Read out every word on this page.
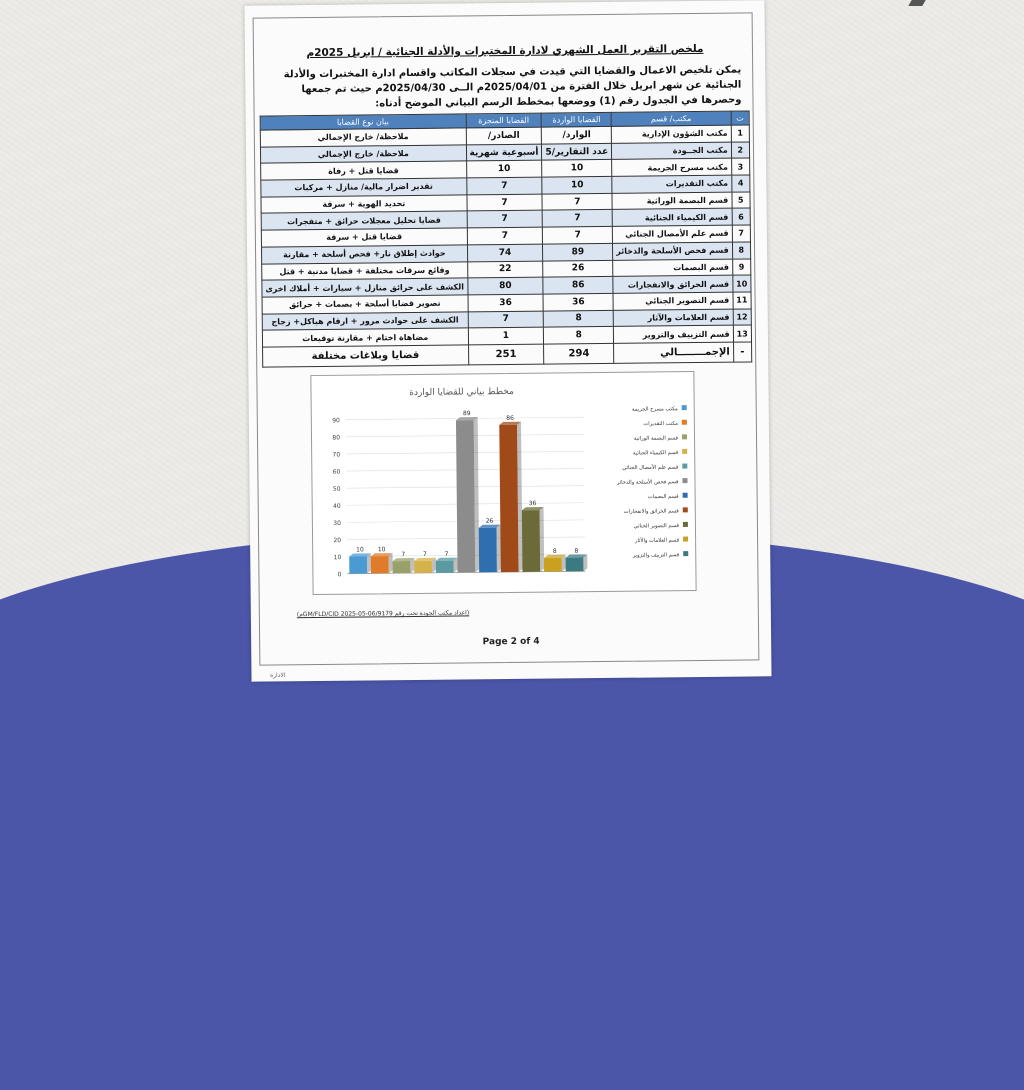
ملخص التقرير العمل الشهري لادارة المختبرات والأدلة الجنائية / ابريل 2025م
يمكن تلخيص الاعمال والقضايا التي قيدت في سجلات المكاتب واقسام ادارة المختبرات والأدلة الجنائية عن شهر ابريل خلال الفترة من 2025/04/01م الــى 2025/04/30م حيث تم جمعها وحصرها في الجدول رقم (1) ووضعها بمخطط الرسم البياني الموضح أدناه:
ت	مكتب/ قسم	القضايا الواردة	القضايا المنجزة	بيان نوع القضايا
1	مكتب الشؤون الإدارية	الوارد/	الصادر/	ملاحظة/ خارج الإجمالي
2	مكتب الجــودة	عدد التقارير/5	أسبوعية شهرية	ملاحظة/ خارج الإجمالي
3	مكتب مسرح الجريمة	10	10	قضايا قتل + رفاة
4	مكتب التقديرات	10	7	تقدير اضرار مالية/ منازل + مركبات
5	قسم البصمة الوراثية	7	7	تحديد الهوية + سرقة
6	قسم الكيمياء الجنائية	7	7	قضايا تحليل معجلات حرائق + متفجرات
7	قسم علم الأمصال الجنائي	7	7	قضايا قتل + سرقة
8	قسم فحص الأسلحة والذخائر	89	74	حوادث إطلاق نار+ فحص أسلحة + مقارنة
9	قسم البصمات	26	22	وقائع سرقات مختلفة + قضايا مدنية + قتل
10	قسم الحرائق والانفجارات	86	80	الكشف على حرائق منازل + سيارات + أملاك اخرى
11	قسم التصوير الجنائي	36	36	تصوير قضايا أسلحة + بصمات + حرائق
12	قسم العلامات والآثار	8	7	الكشف على حوادث مرور + ارقام هياكل+ زجاج
13	قسم التزييف والتزوير	8	1	مضاهاة اختام + مقارنة توقيعات
-	الإجمــــــــالي	294	251	قضايا وبلاغات مختلفة
مخطط بياني للقضايا الواردة
0
10
20
30
40
50
60
70
80
90
10 10
7	7	7
89
26
86
36
8	8
مكتب مسرح الجريمة
مكتب التقديرات
قسم البصمة الوراثية
قسم الكيمياء الجنائية
قسم علم الأمصال الجنائي
قسم فحص الأسلحة والذخائر
قسم البصمات
قسم الحرائق والانفجارات
قسم التصوير الجنائي
قسم العلامات والآثار
قسم التزييف والتزوير
(اعداد مكتب الجودة تحت رقم 9179/GM/FLD/CID 2025-05-06م)
Page 2 of 4
الاداره
